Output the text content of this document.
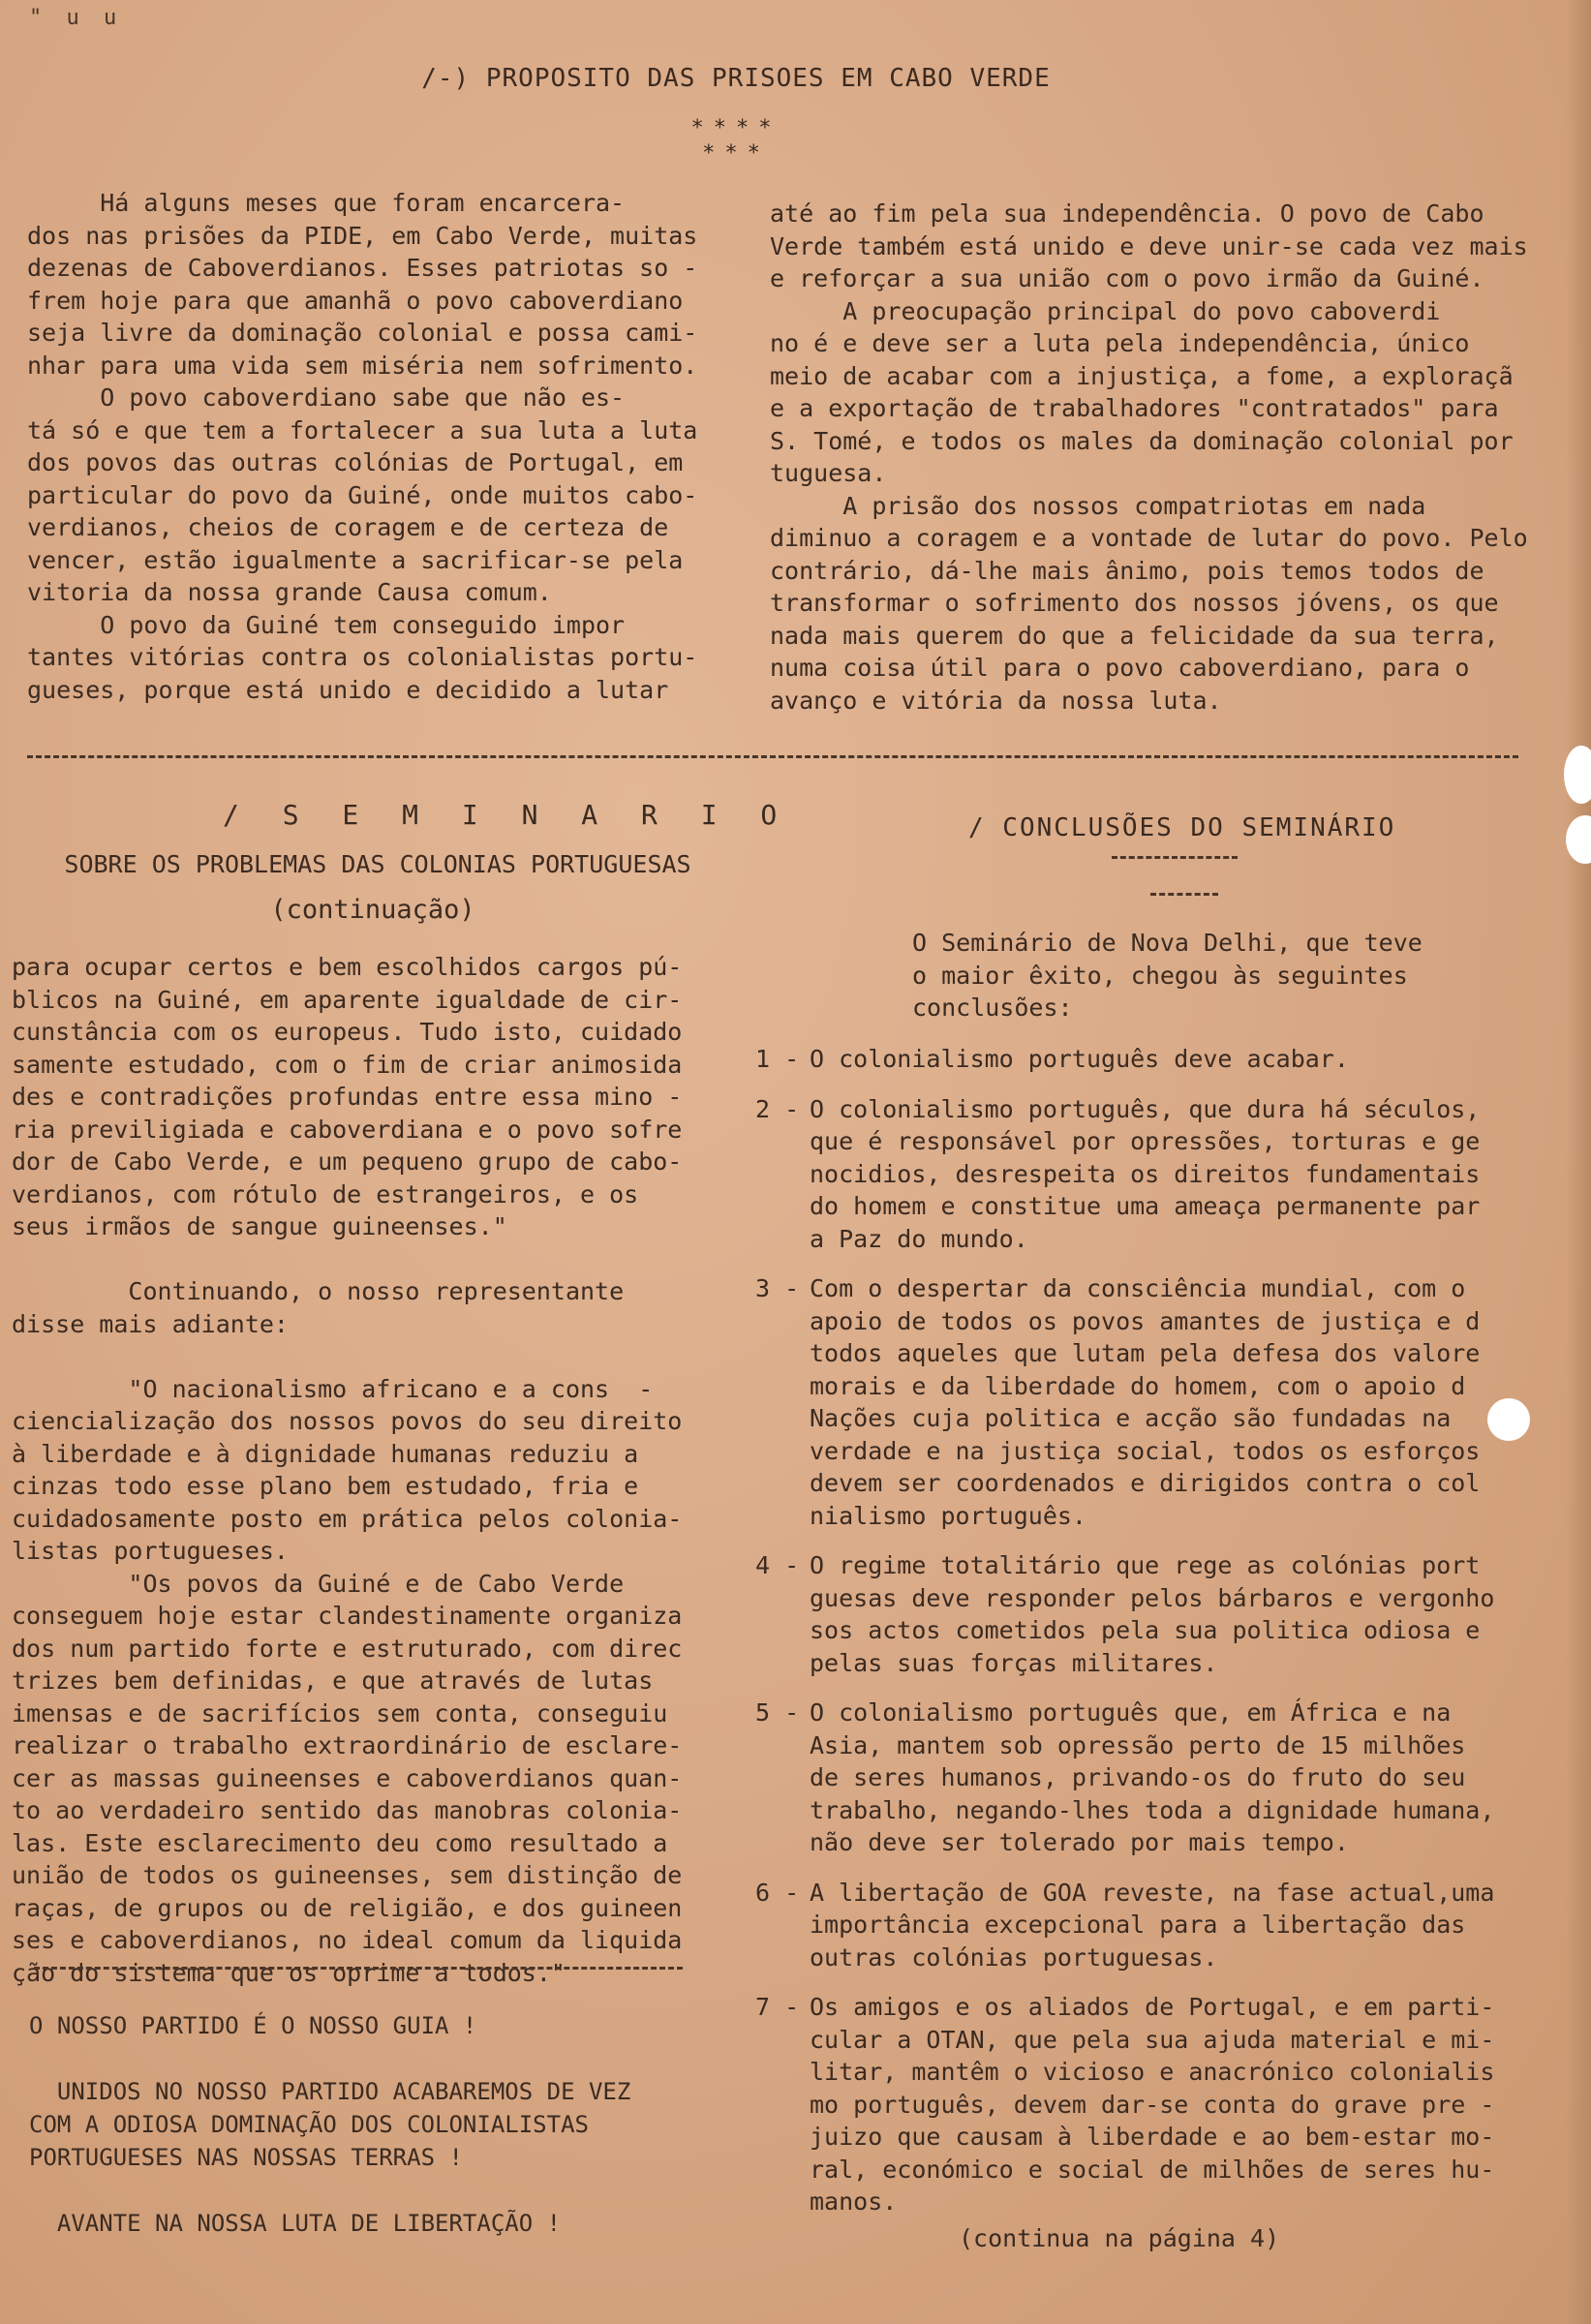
" u u
/-) PROPOSITO DAS PRISOES EM CABO VERDE
****
***
Há alguns meses que foram encarcera-
dos nas prisões da PIDE, em Cabo Verde, muitas
dezenas de Caboverdianos. Esses patriotas so -
frem hoje para que amanhã o povo caboverdiano
seja livre da dominação colonial e possa cami-
nhar para uma vida sem miséria nem sofrimento.
O povo caboverdiano sabe que não es-
tá só e que tem a fortalecer a sua luta a luta
dos povos das outras colónias de Portugal, em
particular do povo da Guiné, onde muitos cabo-
verdianos, cheios de coragem e de certeza de
vencer, estão igualmente a sacrificar-se pela
vitoria da nossa grande Causa comum.
O povo da Guiné tem conseguido impor
tantes vitórias contra os colonialistas portu-
gueses, porque está unido e decidido a lutar
até ao fim pela sua independência. O povo de Cabo
Verde também está unido e deve unir-se cada vez mais
e reforçar a sua união com o povo irmão da Guiné.
A preocupação principal do povo caboverdi
no é e deve ser a luta pela independência, único
meio de acabar com a injustiça, a fome, a exploraçã
e a exportação de trabalhadores "contratados" para
S. Tomé, e todos os males da dominação colonial por
tuguesa.
A prisão dos nossos compatriotas em nada
diminuo a coragem e a vontade de lutar do povo. Pelo
contrário, dá-lhe mais ânimo, pois temos todos de
transformar o sofrimento dos nossos jóvens, os que
nada mais querem do que a felicidade da sua terra,
numa coisa útil para o povo caboverdiano, para o
avanço e vitória da nossa luta.
/ S E M I N A R I O
SOBRE OS PROBLEMAS DAS COLONIAS PORTUGUESAS
(continuação)
para ocupar certos e bem escolhidos cargos pú-
blicos na Guiné, em aparente igualdade de cir-
cunstância com os europeus. Tudo isto, cuidado
samente estudado, com o fim de criar animosida
des e contradições profundas entre essa mino -
ria previligiada e caboverdiana e o povo sofre
dor de Cabo Verde, e um pequeno grupo de cabo-
verdianos, com rótulo de estrangeiros, e os
seus irmãos de sangue guineenses."

Continuando, o nosso representante
disse mais adiante:

"O nacionalismo africano e a cons  -
ciencialização dos nossos povos do seu direito
à liberdade e à dignidade humanas reduziu a
cinzas todo esse plano bem estudado, fria e
cuidadosamente posto em prática pelos coloniа-
listas portugueses.
"Os povos da Guiné e de Cabo Verde
conseguem hoje estar clandestinamente organiza
dos num partido forte e estruturado, com direc
trizes bem definidas, e que através de lutas
imensas e de sacrifícios sem conta, conseguiu
realizar o trabalho extraordinário de esclare-
cer as massas guineenses e caboverdianos quan-
to ao verdadeiro sentido das manobras colonia-
las. Este esclarecimento deu como resultado a
união de todos os guineenses, sem distinção de
raças, de grupos ou de religião, e dos guineen
ses e caboverdianos, no ideal comum da liquida
ção do sistema que os oprime a todos."
O NOSSO PARTIDO É O NOSSO GUIA !

UNIDOS NO NOSSO PARTIDO ACABAREMOS DE VEZ
COM A ODIOSA DOMINAÇÃO DOS COLONIALISTAS
PORTUGUESES NAS NOSSAS TERRAS !

AVANTE NA NOSSA LUTA DE LIBERTAÇÃO !
/ CONCLUSÕES DO SEMINÁRIO
O Seminário de Nova Delhi, que teve
o maior êxito, chegou às seguintes
conclusões:
1 - O colonialismo português deve acabar.
2 - O colonialismo português, que dura há séculos,
que é responsável por opressões, torturas e ge
nocidios, desrespeita os direitos fundamentais
do homem e constitue uma ameaça permanente par
a Paz do mundo.
3 - Com o despertar da consciência mundial, com o
apoio de todos os povos amantes de justiça e d
todos aqueles que lutam pela defesa dos valore
morais e da liberdade do homem, com o apoio d
Nações cuja politica e acção são fundadas na
verdade e na justiça social, todos os esforços
devem ser coordenados e dirigidos contra o col
nialismo português.
4 - O regime totalitário que rege as colónias port
guesas deve responder pelos bárbaros e vergonho
sos actos cometidos pela sua politica odiosa e
pelas suas forças militares.
5 - O colonialismo português que, em África e na
Asia, mantem sob opressão perto de 15 milhões
de seres humanos, privando-os do fruto do seu
trabalho, negando-lhes toda a dignidade humana,
não deve ser tolerado por mais tempo.
6 - A libertação de GOA reveste, na fase actual,uma
importância excepcional para a libertação das
outras colónias portuguesas.
7 - Os amigos e os aliados de Portugal, e em parti-
cular a OTAN, que pela sua ajuda material e mi-
litar, mantêm o vicioso e anacrónico colonialis
mo português, devem dar-se conta do grave pre -
juizo que causam à liberdade e ao bem-estar mo-
ral, económico e social de milhões de seres hu-
manos.
(continua na página 4)
